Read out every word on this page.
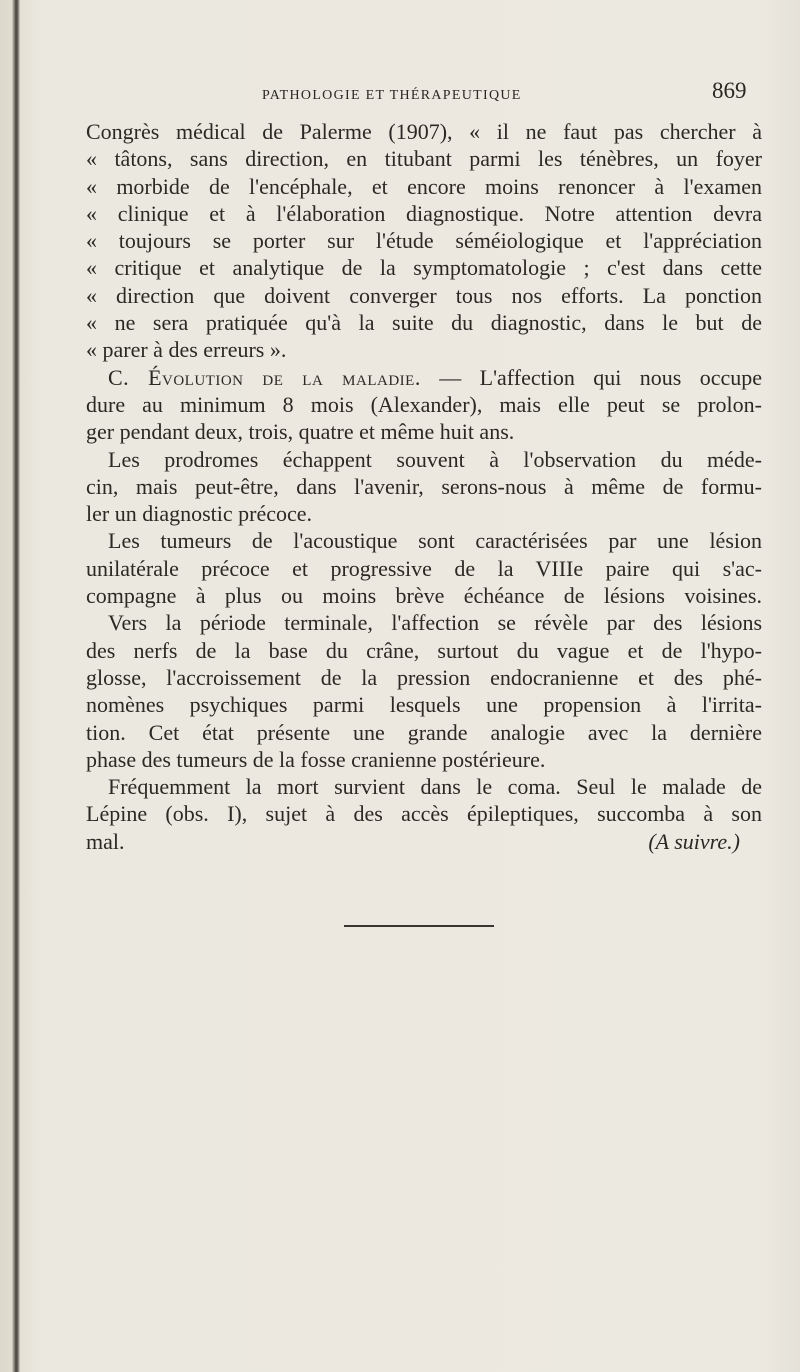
PATHOLOGIE ET THÉRAPEUTIQUE	869
Congrès médical de Palerme (1907), « il ne faut pas chercher à
« tâtons, sans direction, en titubant parmi les ténèbres, un foyer
« morbide de l'encéphale, et encore moins renoncer à l'examen
« clinique et à l'élaboration diagnostique. Notre attention devra
« toujours se porter sur l'étude séméiologique et l'appréciation
« critique et analytique de la symptomatologie ; c'est dans cette
« direction que doivent converger tous nos efforts. La ponction
« ne sera pratiquée qu'à la suite du diagnostic, dans le but de
« parer à des erreurs ».
C. Évolution de la maladie. — L'affection qui nous occupe
dure au minimum 8 mois (Alexander), mais elle peut se prolon-
ger pendant deux, trois, quatre et même huit ans.
Les prodromes échappent souvent à l'observation du méde-
cin, mais peut-être, dans l'avenir, serons-nous à même de formu-
ler un diagnostic précoce.
Les tumeurs de l'acoustique sont caractérisées par une lésion
unilatérale précoce et progressive de la VIIIe paire qui s'ac-
compagne à plus ou moins brève échéance de lésions voisines.
Vers la période terminale, l'affection se révèle par des lésions
des nerfs de la base du crâne, surtout du vague et de l'hypo-
glosse, l'accroissement de la pression endocranienne et des phé-
nomènes psychiques parmi lesquels une propension à l'irrita-
tion. Cet état présente une grande analogie avec la dernière
phase des tumeurs de la fosse cranienne postérieure.
Fréquemment la mort survient dans le coma. Seul le malade de
Lépine (obs. I), sujet à des accès épileptiques, succomba à son
mal.	(A suivre.)
